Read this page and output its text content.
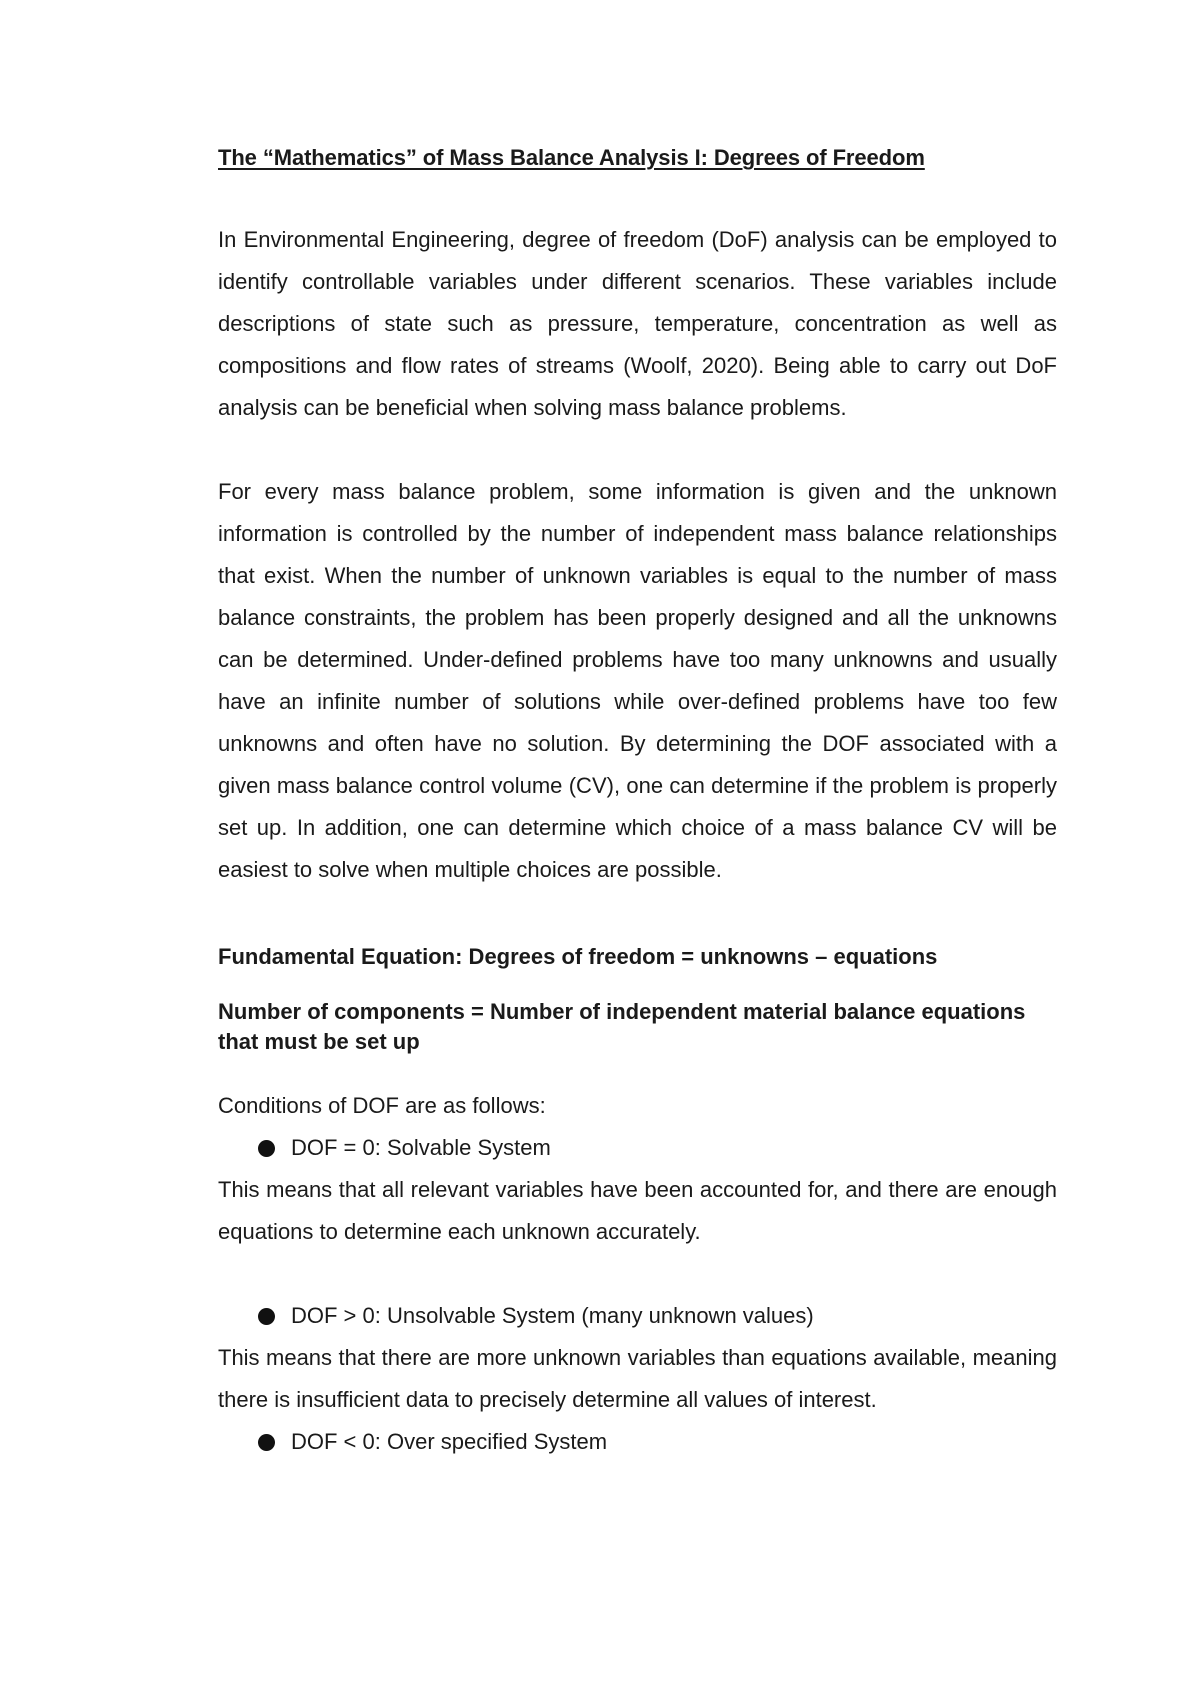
The “Mathematics” of Mass Balance Analysis I: Degrees of Freedom

In Environmental Engineering, degree of freedom (DoF) analysis can be employed to identify controllable variables under different scenarios. These variables include descriptions of state such as pressure, temperature, concentration as well as compositions and flow rates of streams (Woolf, 2020). Being able to carry out DoF analysis can be beneficial when solving mass balance problems.

For every mass balance problem, some information is given and the unknown information is controlled by the number of independent mass balance relationships that exist. When the number of unknown variables is equal to the number of mass balance constraints, the problem has been properly designed and all the unknowns can be determined. Under-defined problems have too many unknowns and usually have an infinite number of solutions while over-defined problems have too few unknowns and often have no solution. By determining the DOF associated with a given mass balance control volume (CV), one can determine if the problem is properly set up. In addition, one can determine which choice of a mass balance CV will be easiest to solve when multiple choices are possible.

Fundamental Equation: Degrees of freedom = unknowns – equations

Number of components = Number of independent material balance equations that must be set up

Conditions of DOF are as follows:

DOF = 0: Solvable System

This means that all relevant variables have been accounted for, and there are enough equations to determine each unknown accurately.

DOF > 0: Unsolvable System (many unknown values)

This means that there are more unknown variables than equations available, meaning there is insufficient data to precisely determine all values of interest.

DOF < 0: Over specified System
